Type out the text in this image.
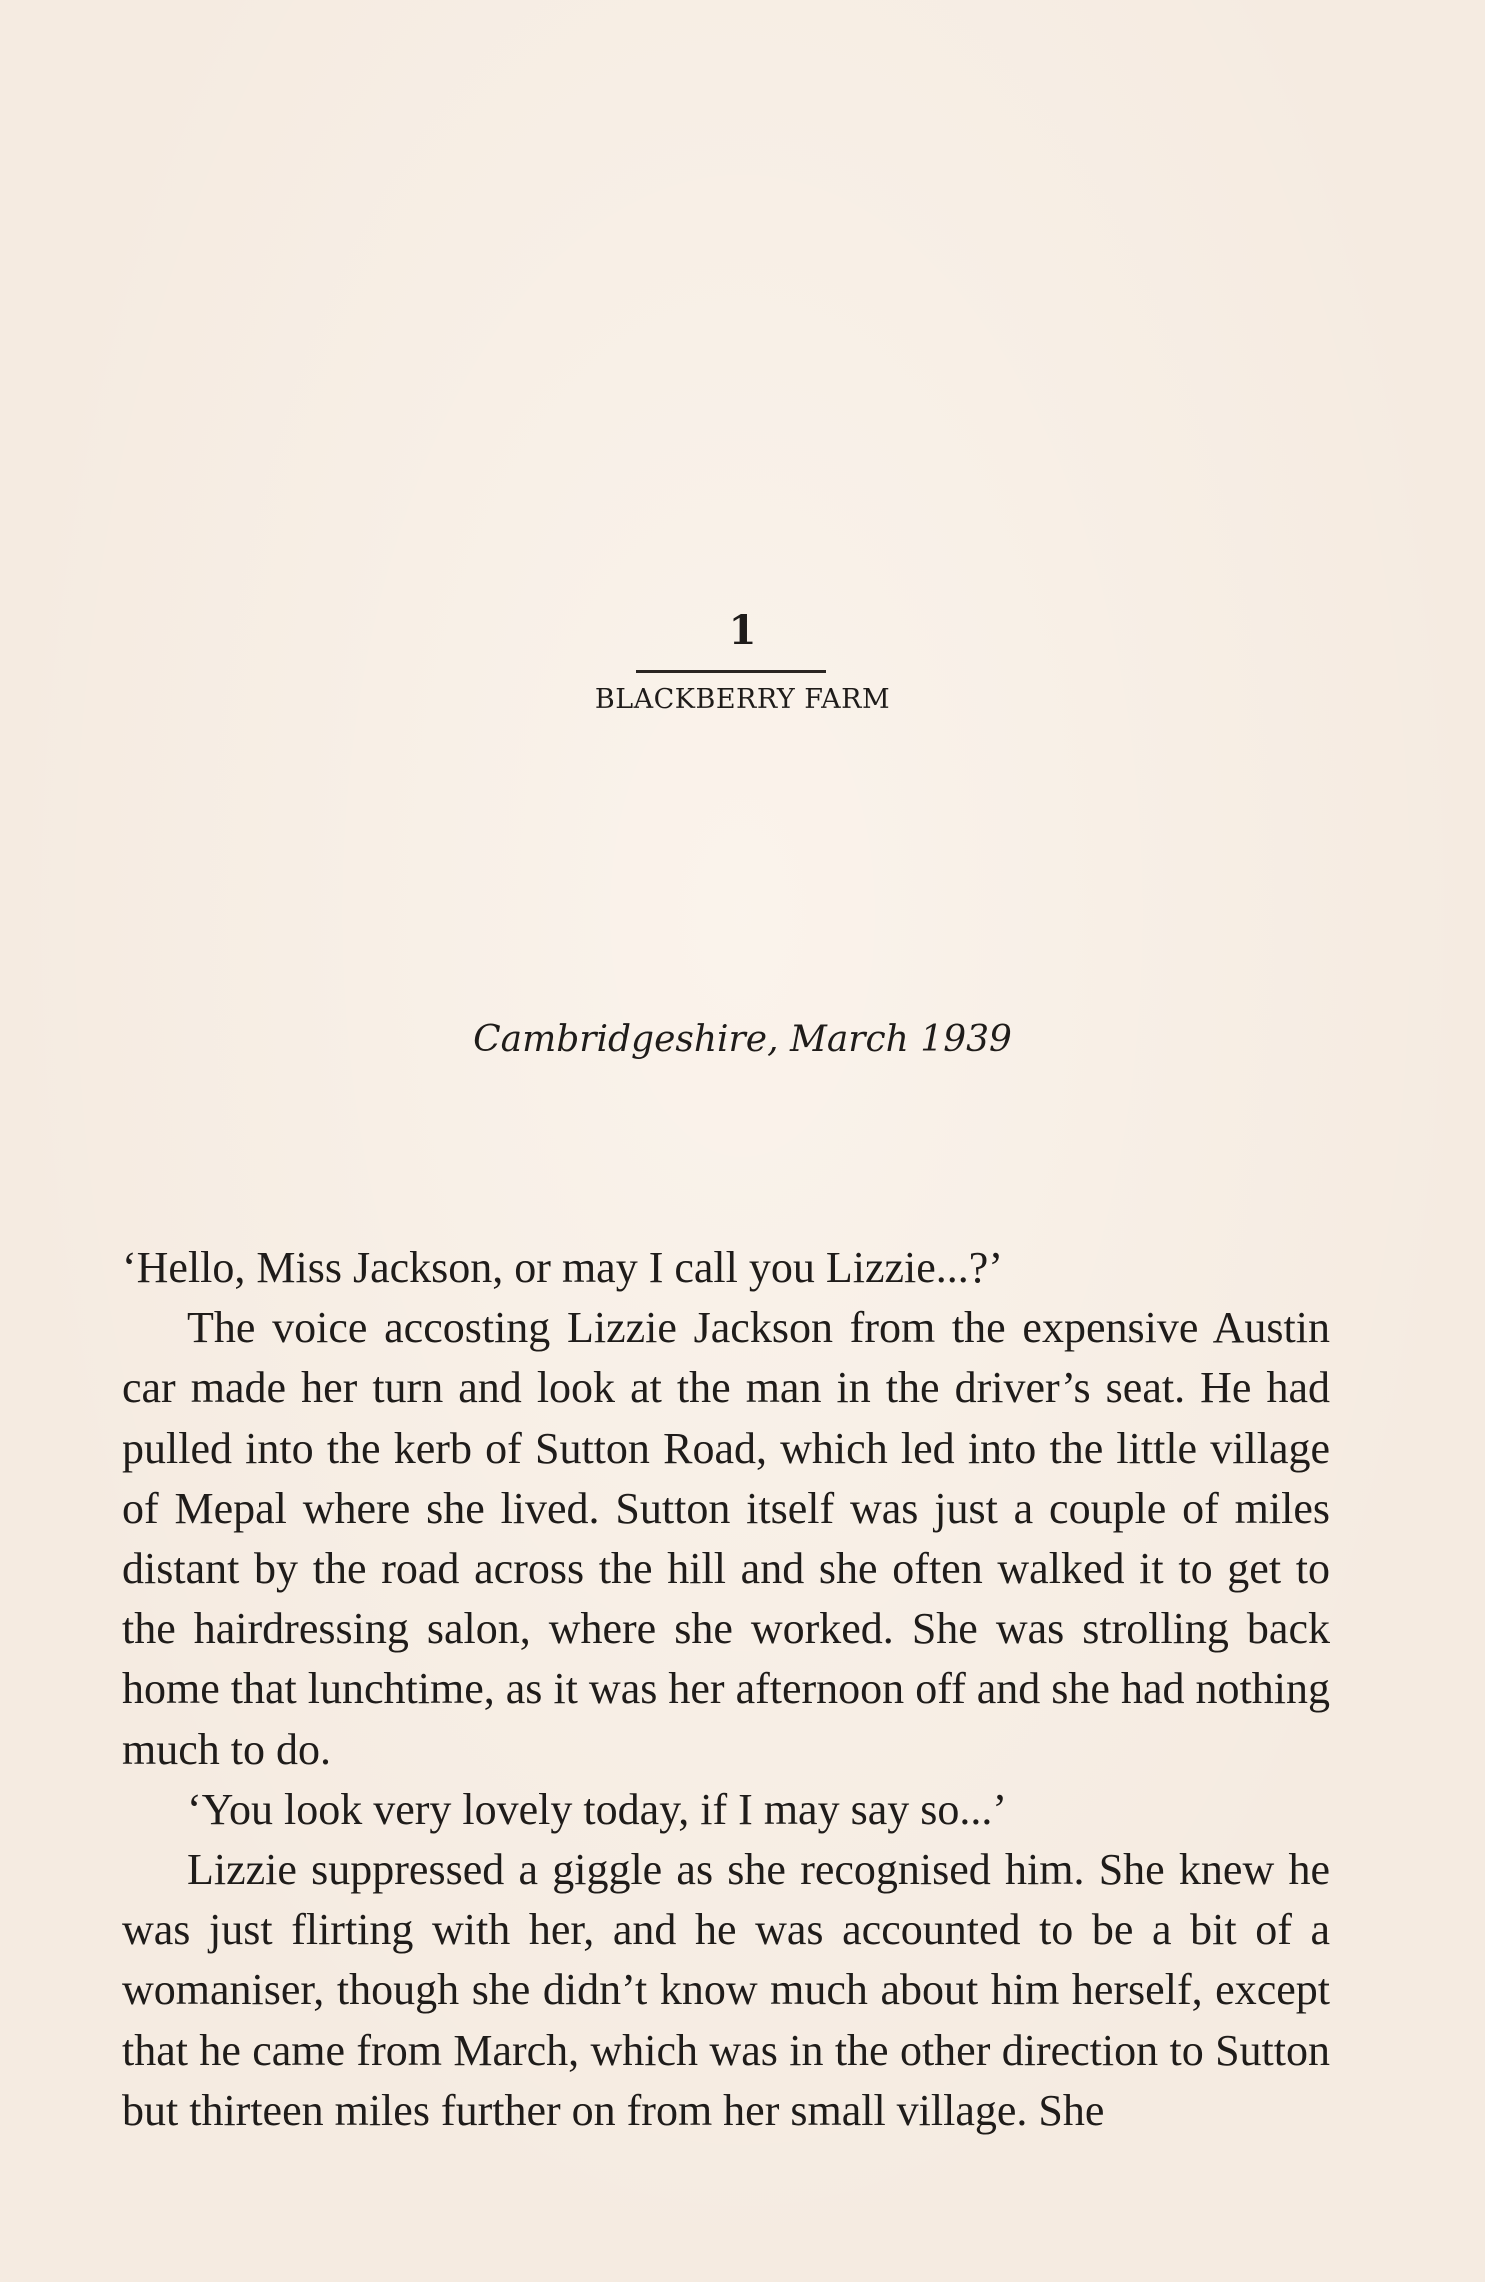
1
BLACKBERRY FARM
Cambridgeshire, March 1939

‘Hello, Miss Jackson, or may I call you Lizzie...?’

The voice accosting Lizzie Jackson from the expensive Austin car made her turn and look at the man in the driver’s seat. He had pulled into the kerb of Sutton Road, which led into the little village of Mepal where she lived. Sutton itself was just a couple of miles distant by the road across the hill and she often walked it to get to the hairdressing salon, where she worked. She was strolling back home that lunchtime, as it was her afternoon off and she had nothing much to do.

‘You look very lovely today, if I may say so...’

Lizzie suppressed a giggle as she recognised him. She knew he was just flirting with her, and he was accounted to be a bit of a womaniser, though she didn’t know much about him herself, except that he came from March, which was in the other direction to Sutton but thirteen miles further on from her small village. She
